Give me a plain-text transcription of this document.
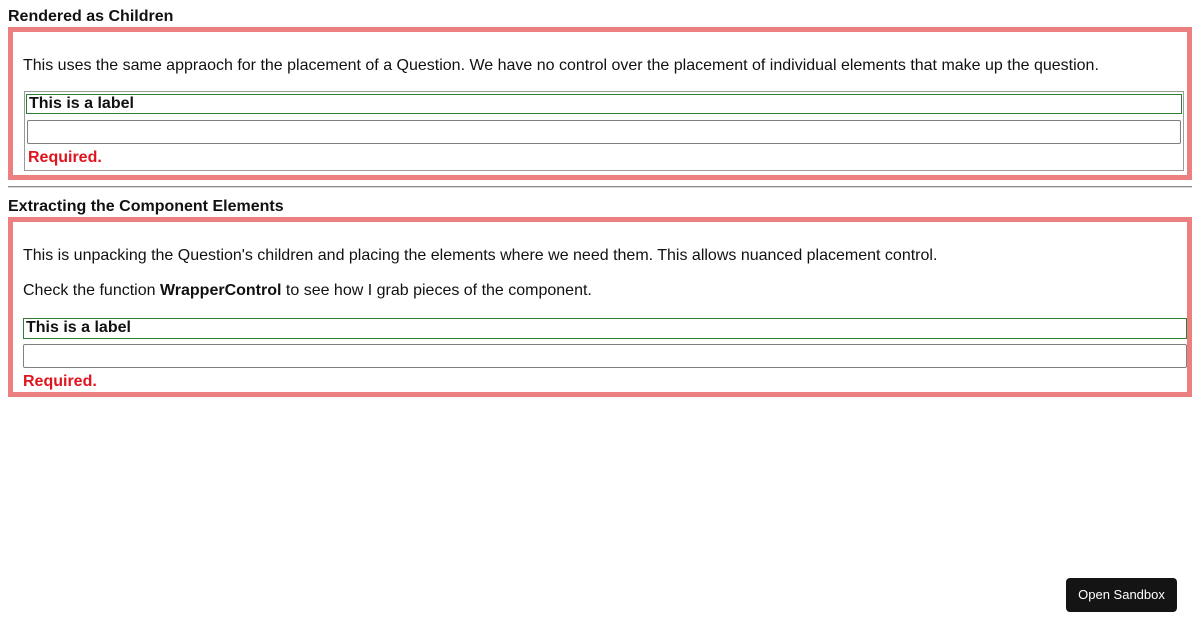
Rendered as Children

This uses the same appraoch for the placement of a Question. We have no control over the placement of individual elements that make up the question.

This is a label
Required.
Extracting the Component Elements

This is unpacking the Question's children and placing the elements where we need them. This allows nuanced placement control.

Check the function WrapperControl to see how I grab pieces of the component.

This is a label
Required.
Open Sandbox
